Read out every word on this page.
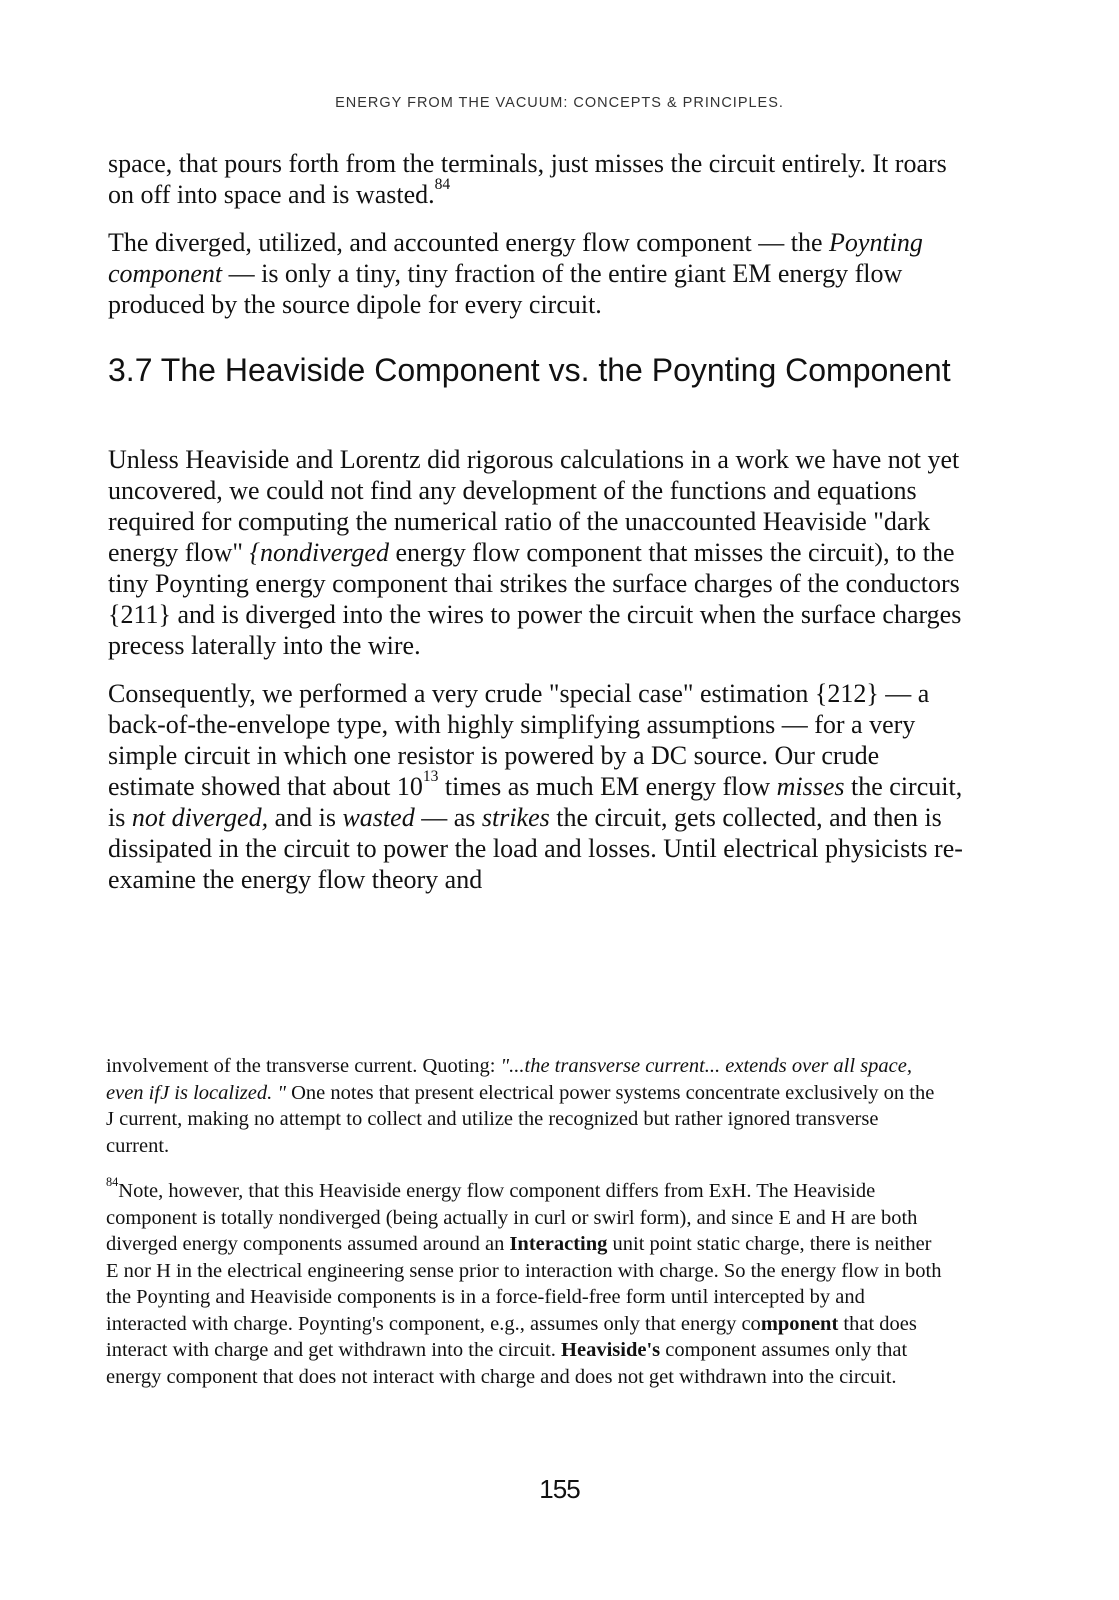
ENERGY FROM THE VACUUM: CONCEPTS & PRINCIPLES.

space, that pours forth from the terminals, just misses the circuit entirely. It roars on off into space and is wasted.$^{84}$

The diverged, utilized, and accounted energy flow component — the Poynting component — is only a tiny, tiny fraction of the entire giant EM energy flow produced by the source dipole for every circuit.

3.7 The Heaviside Component vs. the Poynting Component

Unless Heaviside and Lorentz did rigorous calculations in a work we have not yet uncovered, we could not find any development of the functions and equations required for computing the numerical ratio of the unaccounted Heaviside "dark energy flow" {nondiverged energy flow component that misses the circuit), to the tiny Poynting energy component thai strikes the surface charges of the conductors {211} and is diverged into the wires to power the circuit when the surface charges precess laterally into the wire.

Consequently, we performed a very crude "special case" estimation {212} — a back-of-the-envelope type, with highly simplifying assumptions — for a very simple circuit in which one resistor is powered by a DC source. Our crude estimate showed that about $10^{13}$ times as much EM energy flow misses the circuit, is not diverged, and is wasted — as strikes the circuit, gets collected, and then is dissipated in the circuit to power the load and losses. Until electrical physicists re-examine the energy flow theory and

involvement of the transverse current. Quoting: "...the transverse current... extends over all space, even ifJ is localized. " One notes that present electrical power systems concentrate exclusively on the J current, making no attempt to collect and utilize the recognized but rather ignored transverse current.

$^{84}$Note, however, that this Heaviside energy flow component differs from ExH. The Heaviside component is totally nondiverged (being actually in curl or swirl form), and since E and H are both diverged energy components assumed around an Interacting unit point static charge, there is neither E nor H in the electrical engineering sense prior to interaction with charge. So the energy flow in both the Poynting and Heaviside components is in a force-field-free form until intercepted by and interacted with charge. Poynting's component, e.g., assumes only that energy component that does interact with charge and get withdrawn into the circuit. Heaviside's component assumes only that energy component that does not interact with charge and does not get withdrawn into the circuit.

155
